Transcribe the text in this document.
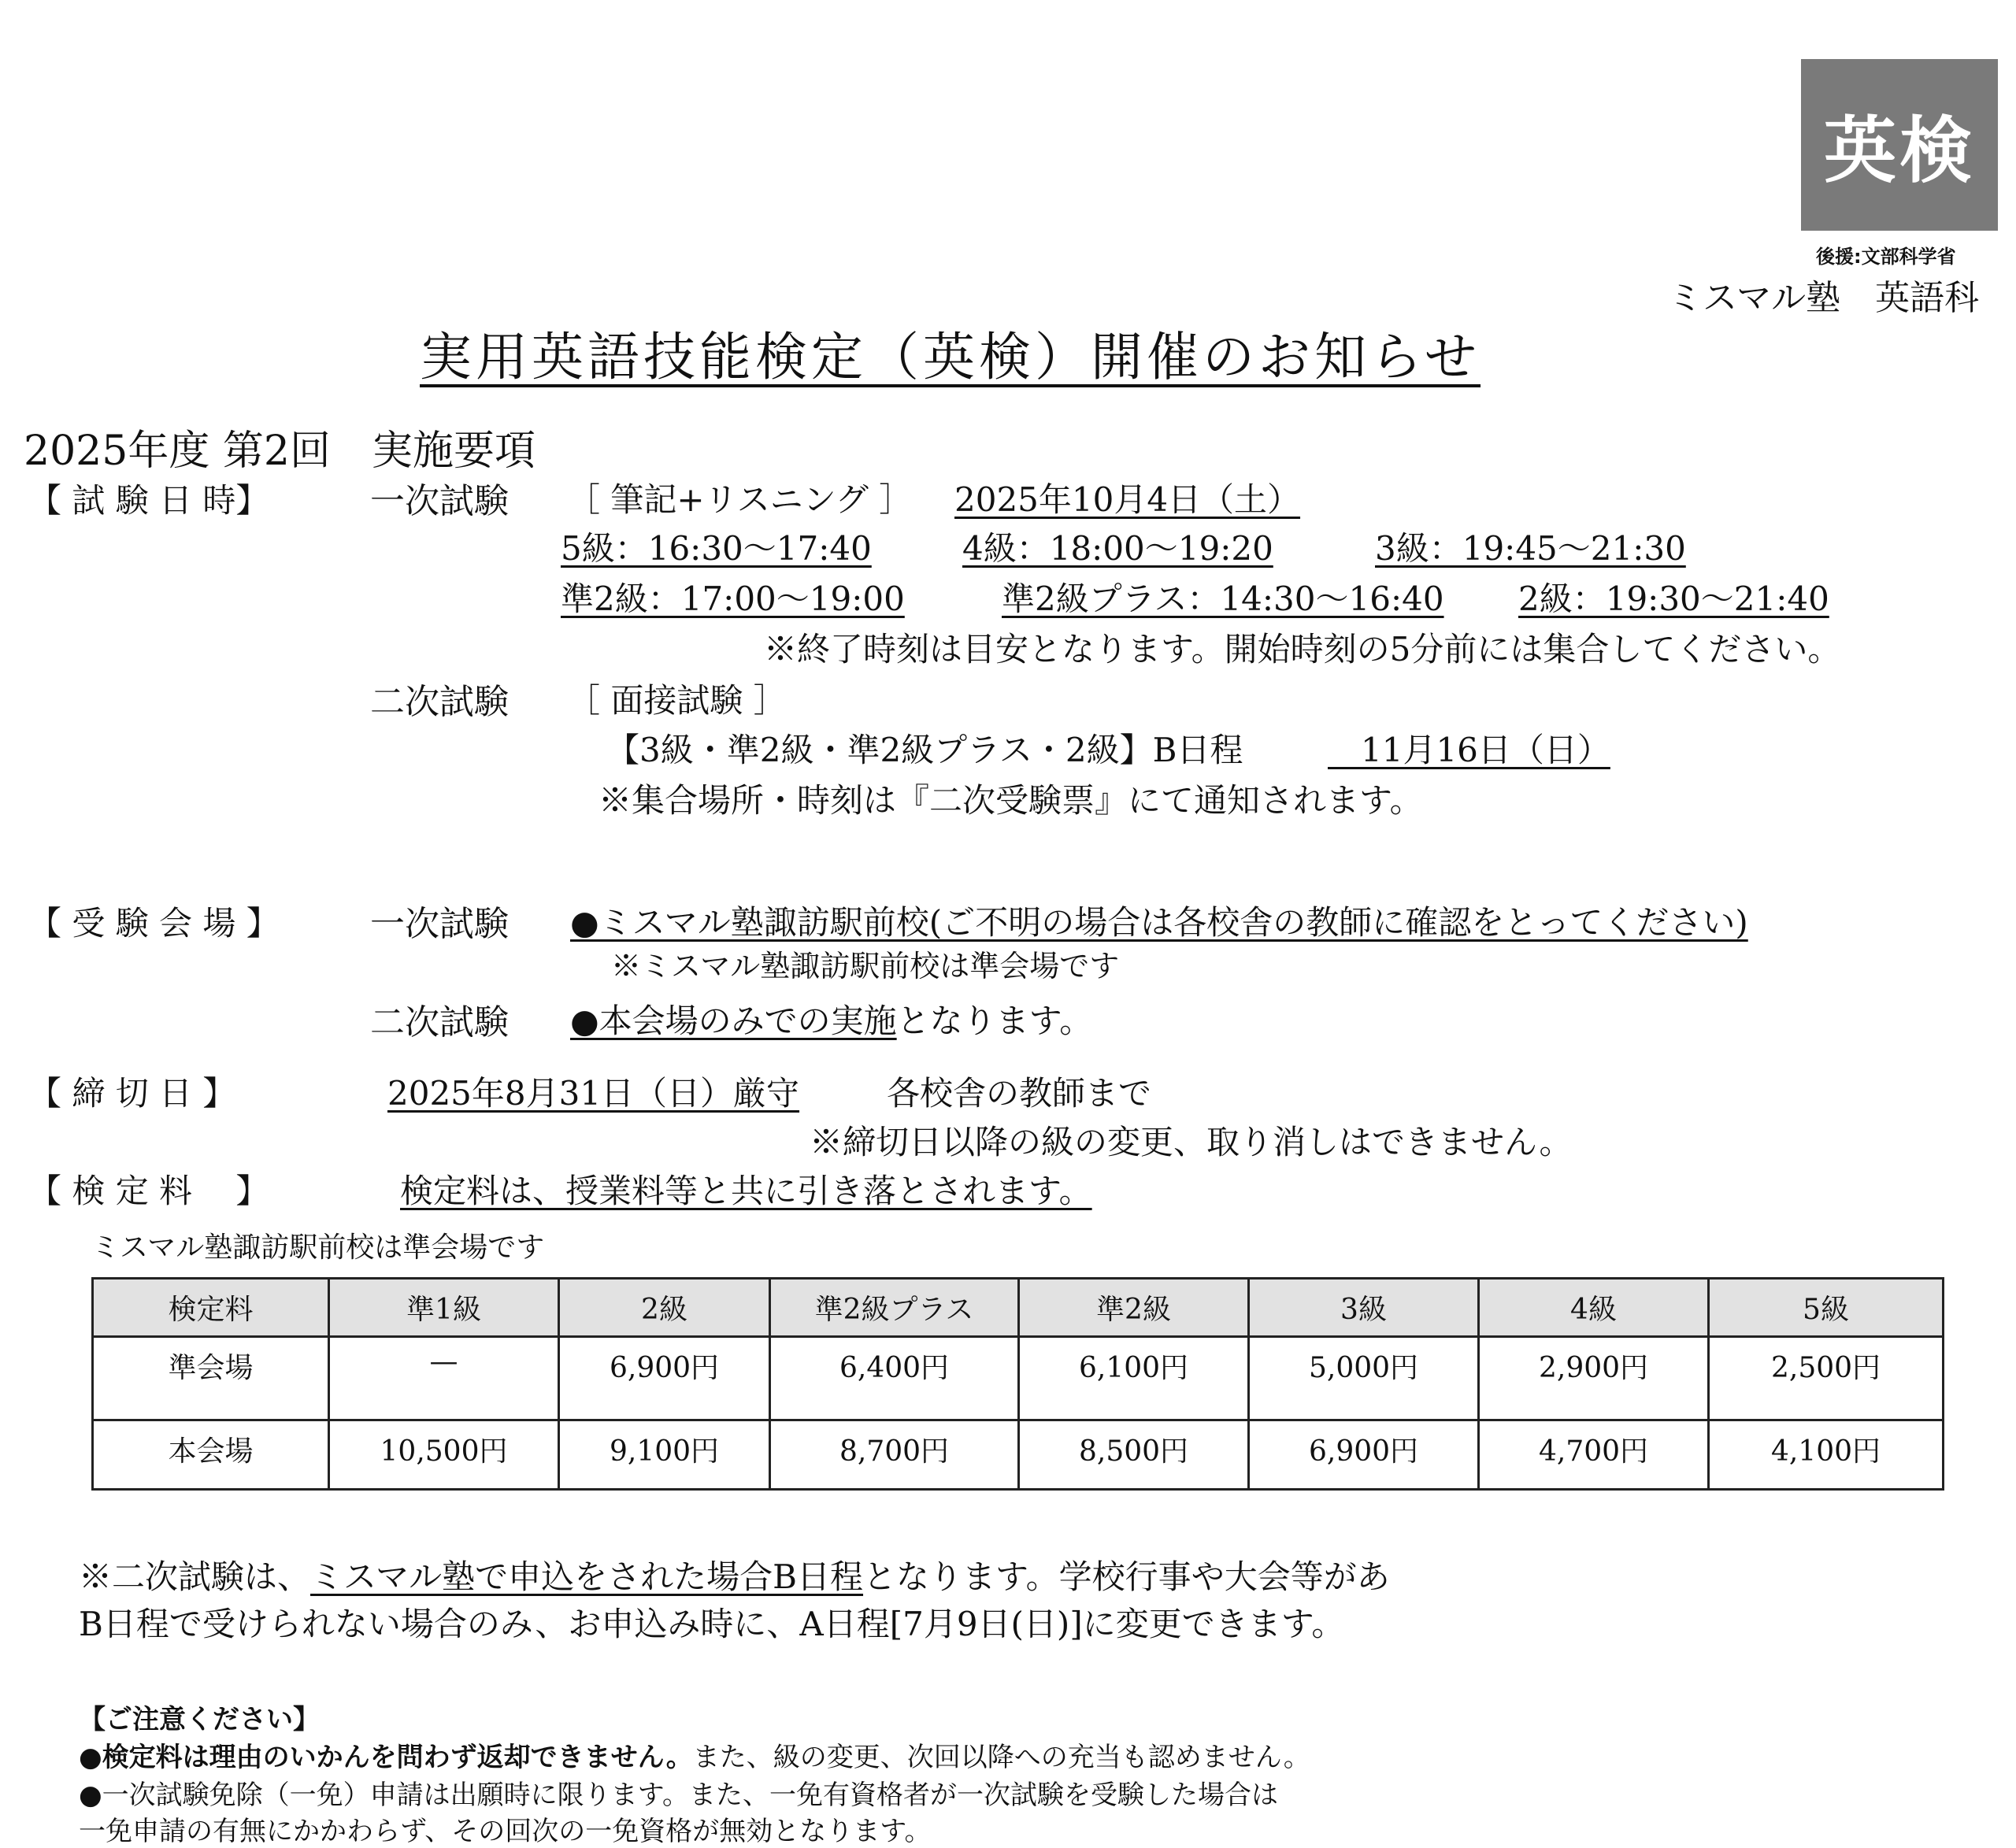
英検
後援:文部科学省
ミスマル塾　英語科
実用英語技能検定（英検）開催のお知らせ
2025年度 第2回　実施要項
【 試 験 日 時】	一次試験 ［ 筆記+リスニング ］ 2025年10月4日（土）
5級：16:30〜17:40	4級：18:00〜19:20	3級：19:45〜21:30
準2級：17:00〜19:00	準2級プラス：14:30〜16:40 2級：19:30〜21:40
※終了時刻は目安となります。開始時刻の5分前には集合してください。
二次試験 ［ 面接試験 ］
【3級・準2級・準2級プラス・2級】B日程	　11月16日（日）
※集合場所・時刻は『二次受験票』にて通知されます。
【 受 験 会 場 】	一次試験 ●ミスマル塾諏訪駅前校(ご不明の場合は各校舎の教師に確認をとってください)
※ミスマル塾諏訪駅前校は準会場です
二次試験 ●本会場のみでの実施となります。
【 締 切 日 】	2025年8月31日（日）厳守	各校舎の教師まで
※締切日以降の級の変更、取り消しはできません。
【 検 定 料 　】	検定料は、授業料等と共に引き落とされます。
ミスマル塾諏訪駅前校は準会場です
検定料	準1級	2級	準2級プラス	準2級	3級	4級	5級
準会場	—	6,900円	6,400円	6,100円	5,000円	2,900円	2,500円
本会場	10,500円	9,100円	8,700円	8,500円	6,900円	4,700円	4,100円
※二次試験は、ミスマル塾で申込をされた場合B日程となります。学校行事や大会等があ
B日程で受けられない場合のみ、お申込み時に、A日程[7月9日(日)]に変更できます。
【ご注意ください】
●検定料は理由のいかんを問わず返却できません。また、級の変更、次回以降への充当も認めません。
●一次試験免除（一免）申請は出願時に限ります。また、一免有資格者が一次試験を受験した場合は
一免申請の有無にかかわらず、その回次の一免資格が無効となります。
